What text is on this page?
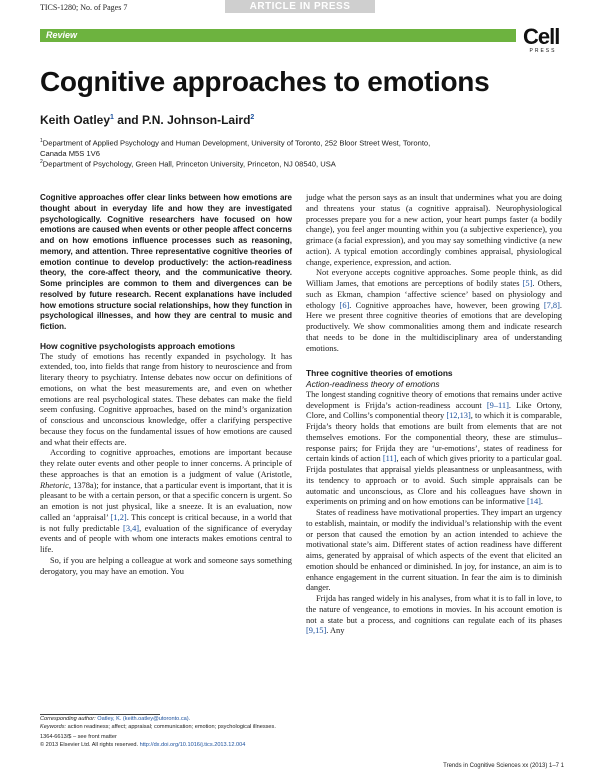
TICS-1280; No. of Pages 7	ARTICLE IN PRESS
Review	Cell
PRESS
Cognitive approaches to emotions
Keith Oatley$^1$ and P.N. Johnson-Laird$^2$
$^1$Department of Applied Psychology and Human Development, University of Toronto, 252 Bloor Street West, Toronto,
Canada M5S 1V6
$^2$Department of Psychology, Green Hall, Princeton University, Princeton, NJ 08540, USA

Cognitive approaches offer clear links between how emotions are thought about in everyday life and how they are investigated psychologically. Cognitive researchers have focused on how emotions are caused when events or other people affect concerns and on how emotions influence processes such as reasoning, memory, and attention. Three representative cognitive theories of emotion continue to develop productively: the action-readiness theory, the core-affect theory, and the communicative theory. Some principles are common to them and divergences can be resolved by future research. Recent explanations have included how emotions structure social relationships, how they function in psychological illnesses, and how they are central to music and fiction.

How cognitive psychologists approach emotions

The study of emotions has recently expanded in psychology. It has extended, too, into fields that range from history to neuroscience and from literary theory to psychiatry. Intense debates now occur on definitions of emotions, on what the best measurements are, and even on whether emotions are real psychological states. These debates can make the field seem confusing. Cognitive approaches, based on the mind’s organization of conscious and unconscious knowledge, offer a clarifying perspective because they focus on the fundamental issues of how emotions are caused and what their effects are.

According to cognitive approaches, emotions are important because they relate outer events and other people to inner concerns. A principle of these approaches is that an emotion is a judgment of value (Aristotle, Rhetoric, 1378a); for instance, that a particular event is important, that it is pleasant to be with a certain person, or that a specific concern is urgent. So an emotion is not just physical, like a sneeze. It is an evaluation, now called an ‘appraisal’ [1,2]. This concept is critical because, in a world that is not fully predictable [3,4], evaluation of the significance of everyday events and of people with whom one interacts makes emotions central to life.

So, if you are helping a colleague at work and someone says something derogatory, you may have an emotion. You

Corresponding author: Oatley, K. (keith.oatley@utoronto.ca).
Keywords: action readiness; affect; appraisal; communication; emotion; psychological illnesses.
1364-6613/$ – see front matter
© 2013 Elsevier Ltd. All rights reserved. http://dx.doi.org/10.1016/j.tics.2013.12.004

judge what the person says as an insult that undermines what you are doing and threatens your status (a cognitive appraisal). Neurophysiological processes prepare you for a new action, your heart pumps faster (a bodily change), you feel anger mounting within you (a subjective experience), you grimace (a facial expression), and you may say something vindictive (a new action). A typical emotion accordingly combines appraisal, physiological change, experience, expression, and action.

Not everyone accepts cognitive approaches. Some people think, as did William James, that emotions are perceptions of bodily states [5]. Others, such as Ekman, champion ‘affective science’ based on physiology and ethology [6]. Cognitive approaches have, however, been growing [7,8]. Here we present three cognitive theories of emotions that are developing productively. We show commonalities among them and indicate research that needs to be done in the multidisciplinary area of understanding emotions.

Three cognitive theories of emotions

Action-readiness theory of emotions

The longest standing cognitive theory of emotions that remains under active development is Frijda’s action-readiness account [9–11]. Like Ortony, Clore, and Collins’s componential theory [12,13], to which it is comparable, Frijda’s theory holds that emotions are built from elements that are not themselves emotions. For the componential theory, these are stimulus–response pairs; for Frijda they are ‘ur-emotions’, states of readiness for certain kinds of action [11], each of which gives priority to a particular goal. Frijda postulates that appraisal yields pleasantness or unpleasantness, with its tendency to approach or to avoid. Such simple appraisals can be automatic and unconscious, as Clore and his colleagues have shown in experiments on priming and on how emotions can be informative [14].

States of readiness have motivational properties. They impart an urgency to establish, maintain, or modify the individual’s relationship with the event or person that caused the emotion by an action intended to achieve the motivational state’s aim. Different states of action readiness have different aims, generated by appraisal of which aspects of the event that elicited an emotion should be enhanced or diminished. In joy, for instance, an aim is to enhance engagement in the current situation. In fear the aim is to diminish danger.

Frijda has ranged widely in his analyses, from what it is to fall in love, to the nature of vengeance, to emotions in movies. In his account emotion is not a state but a process, and cognitions can regulate each of its phases [9,15]. Any

Trends in Cognitive Sciences xx (2013) 1–7 1
